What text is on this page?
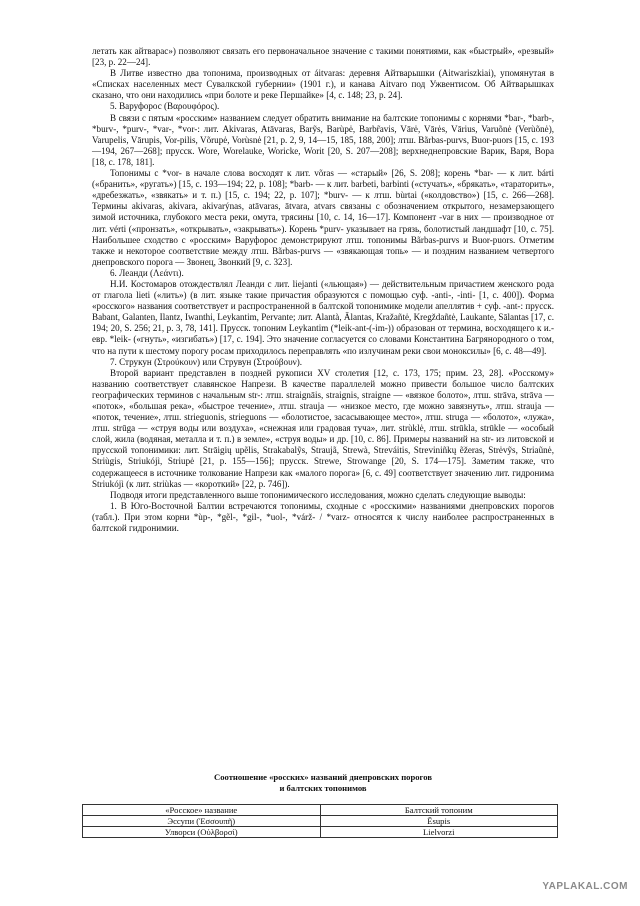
летать как айтварас») позволяют связать его первоначальное значение с такими понятиями, как «быстрый», «резвый» [23, р. 22—24].

В Литве известно два топонима, производных от áitvaras: деревня Айтварышки (Aitwariszkiai), упомянутая в «Списках населенных мест Сувалкской губернии» (1901 г.), и канава Aitvaro под Ужвентисом. Об Айтварышках сказано, что они находились «при болоте и реке Першайке» [4, с. 148; 23, р. 24].

5. Варуфорос (Βαρουφόρος).

В связи с пятым «росским» названием следует обратить внимание на балтские топонимы с корнями *bar-, *barb-, *burv-, *purv-, *var-, *vor-: лит. Akivaras, Atāvaras, Barỹs, Barùpė, Barbr̃avis, Vārė, Vārės, Vārius, Varuõnė (Verùõnė), Varupelis, Vārupis, Vor-pilis, Võrupė, Vorùsnė [21, p. 2, 9, 14—15, 185, 188, 200]; лтш. Bãrbas-purvs, Buor-puors [15, с. 193—194, 267—268]; прусск. Wore, Worelauke, Woricke, Worit [20, S. 207—208]; верхнеднепровские Варик, Варя, Вора [18, с. 178, 181].

Топонимы с *vor- в начале слова восходят к лит. võras — «старый» [26, S. 208]; корень *bar- — к лит. bárti («бранить», «ругать») [15, с. 193—194; 22, p. 108]; *barb- — к лит. barbeti, barbinti («стучать», «брякать», «тараторить», «дребезжать», «звякать» и т. п.) [15, с. 194; 22, p. 107]; *burv- — к лтш. bùrtai («колдовство») [15, с. 266—268]. Термины akivaras, akivara, akivarýnas, atāvaras, ātvara, atvars связаны с обозначением открытого, незамерзающего зимой источника, глубокого места реки, омута, трясины [10, с. 14, 16—17]. Компонент -var в них — производное от лит. vérti («пронзать», «открывать», «закрывать»). Корень *purv- указывает на грязь, болотистый ландшафт [10, с. 75]. Наибольшее сходство с «росским» Варуфорос демонстрируют лтш. топонимы Bãrbas-purvs и Buor-puors. Отметим также и некоторое соответствие между лтш. Bãrbas-purvs — «звякающая топь» — и поздним названием четвертого днепровского порога — Звонец, Звонкий [9, с. 323].

6. Леанди (Λεάντι).

Н.И. Костомаров отождествлял Леанди с лит. liejanti («льющая») — действительным причастием женского рода от глагола lieti («лить») (в лит. языке такие причастия образуются с помощью суф. -anti-, -inti- [1, с. 400]). Форма «росского» названия соответствует и распространенной в балтской топонимике модели апеллятив + суф. -ant-: прусск. Babant, Galanten, Ilantz, Iwanthi, Leykantim, Pervante; лит. Alantà, Ālantas, Kražañtė, Kregždañtė, Laukante, Sālantas [17, с. 194; 20, S. 256; 21, p. 3, 78, 141]. Прусск. топоним Leykantim (*leik-ant-(-im-)) образован от термина, восходящего к и.-евр. *leik- («гнуть», «изгибать») [17, с. 194]. Это значение согласуется со словами Константина Багрянородного о том, что на пути к шестому порогу росам приходилось переправлять «по излучинам реки свои моноксилы» [6, с. 48—49].

7. Струкун (Στρούκουν) или Струвун (Στρούβουν).

Второй вариант представлен в поздней рукописи XV столетия [12, с. 173, 175; прим. 23, 28]. «Росскому» названию соответствует славянское Напрези. В качестве параллелей можно привести большое число балтских географических терминов с начальным str-: лтш. straignāis, straignis, straigne — «вязкое болото», лтш. strāva, strāva — «поток», «большая река», «быстрое течение», лтш. strauja — «низкое место, где можно завязнуть», лтш. strauja — «поток, течение», лтш. strieguonis, strieguons — «болотистое, засасывающее место», лтш. struga — «болото», «лужа», лтш. strūga — «струя воды или воздуха», «снежная или градовая туча», лит. strùklė, лтш. strūkla, strūkle — «особый слой, жила (водяная, металла и т. п.) в земле», «струя воды» и др. [10, с. 86]. Примеры названий на str- из литовской и прусской топонимики: лит. Strāigių upẽlis, Strakabalỹs, Straujã, Strewà, Streváitis, Streviniñkų ẽžeras, Strėvỹs, Striaũnė, Striùgis, Striukójì, Striupė [21, p. 155—156]; прусск. Strewe, Strowange [20, S. 174—175]. Заметим также, что содержащееся в источнике толкование Напрези как «малого порога» [6, с. 49] соответствует значению лит. гидронима Striukójì (к лит. striùkas — «короткий» [22, p. 746]).

Подводя итоги представленного выше топонимического исследования, можно сделать следующие выводы:

1. В Юго-Восточной Балтии встречаются топонимы, сходные с «росскими» названиями днепровских порогов (табл.). При этом корни *ùp-, *gẽl-, *gil-, *uol-, *várž- / *varz- относятся к числу наиболее распространенных в балтской гидронимии.

Соотношение «росских» названий днепровских порогов
и балтских топонимов
«Росское» название	Балтский топоним
Эссупи (Ἐσσουπῆ)	Ēsupis
Улворси (Οὐλβορσί)	Lielvorzi
YAPLAKAL.COM
